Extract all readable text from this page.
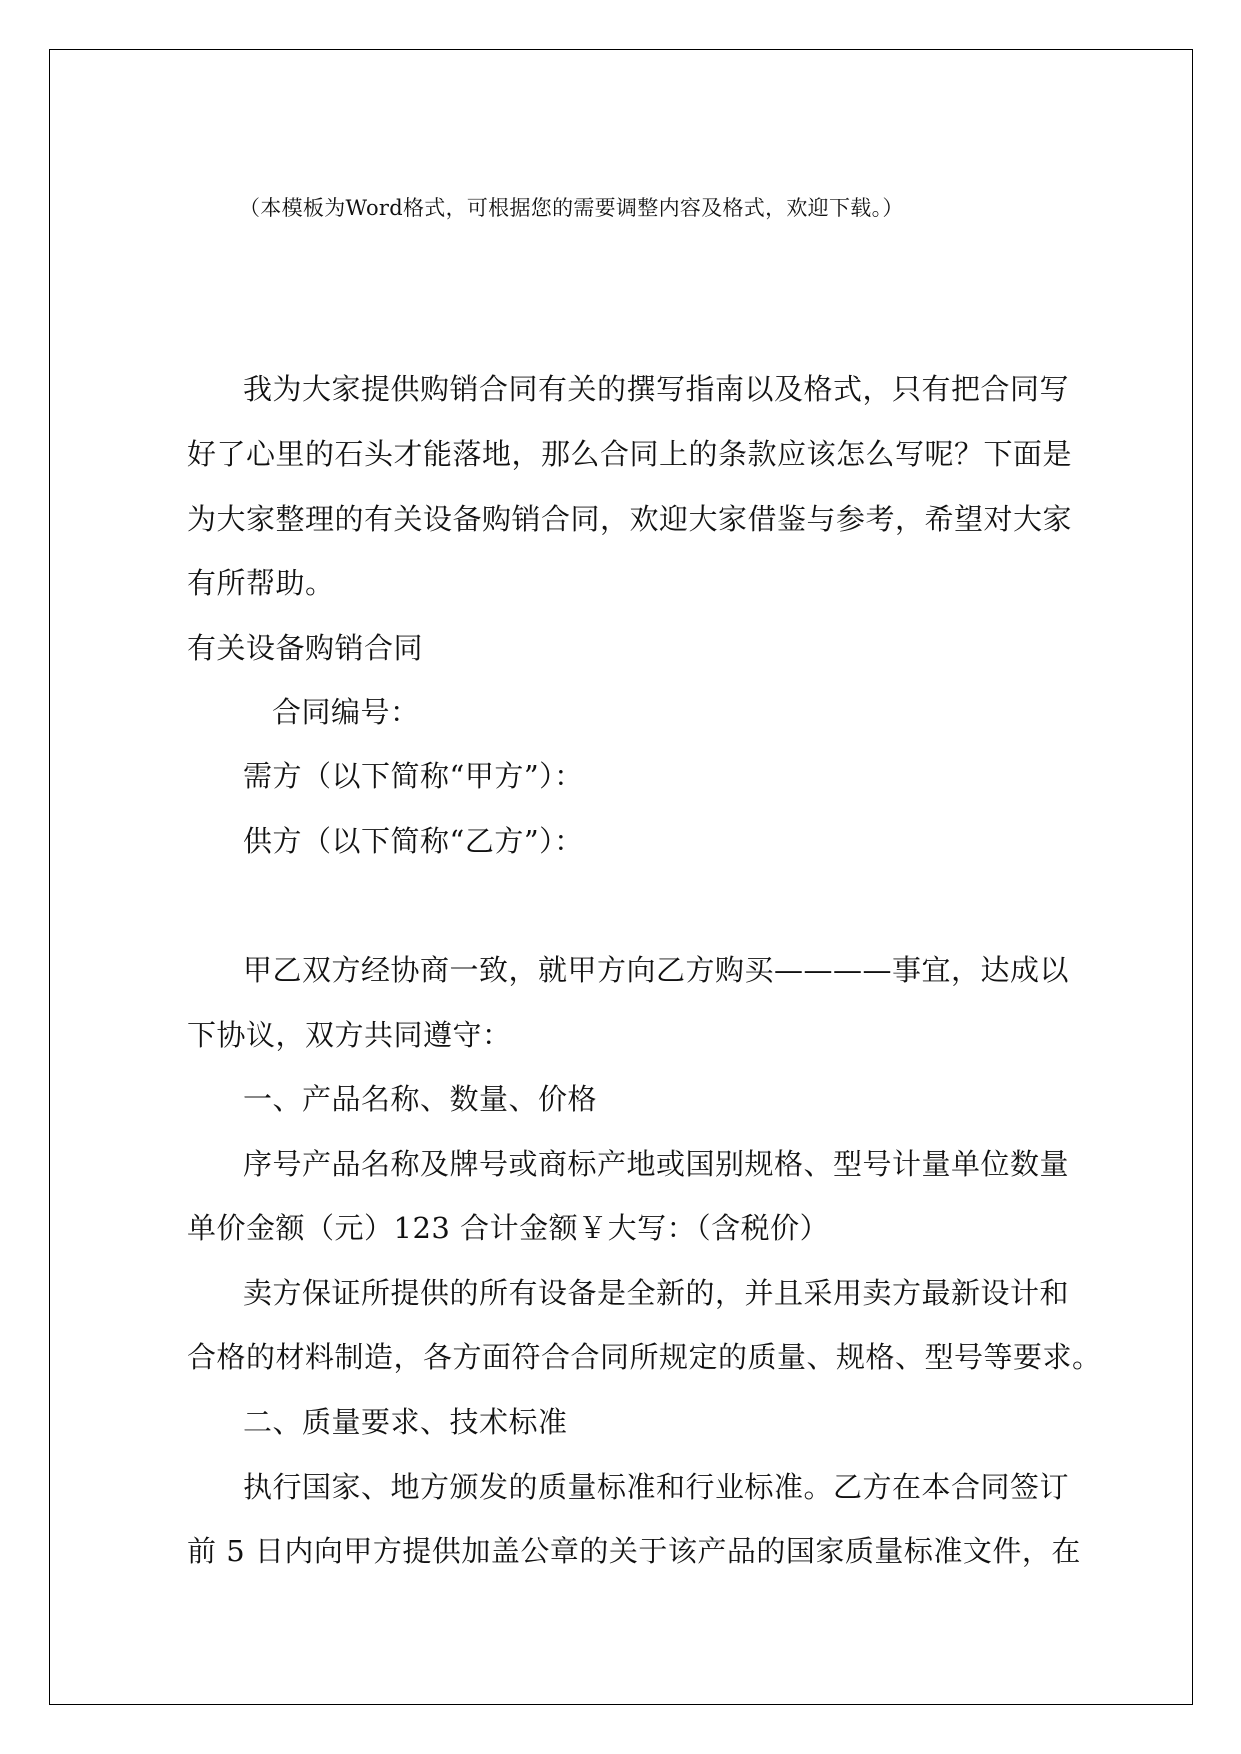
（本模板为Word格式，可根据您的需要调整内容及格式，欢迎下载。）
我为大家提供购销合同有关的撰写指南以及格式，只有把合同写
好了心里的石头才能落地，那么合同上的条款应该怎么写呢？下面是
为大家整理的有关设备购销合同，欢迎大家借鉴与参考，希望对大家
有所帮助。
有关设备购销合同
合同编号：
需方（以下简称“甲方”）：
供方（以下简称“乙方”）：
甲乙双方经协商一致，就甲方向乙方购买————事宜，达成以
下协议，双方共同遵守：
一、产品名称、数量、价格
序号产品名称及牌号或商标产地或国别规格、型号计量单位数量
单价金额（元）123 合计金额￥大写：（含税价）
卖方保证所提供的所有设备是全新的，并且采用卖方最新设计和
合格的材料制造，各方面符合合同所规定的质量、规格、型号等要求。
二、质量要求、技术标准
执行国家、地方颁发的质量标准和行业标准。乙方在本合同签订
前 5 日内向甲方提供加盖公章的关于该产品的国家质量标准文件，在
